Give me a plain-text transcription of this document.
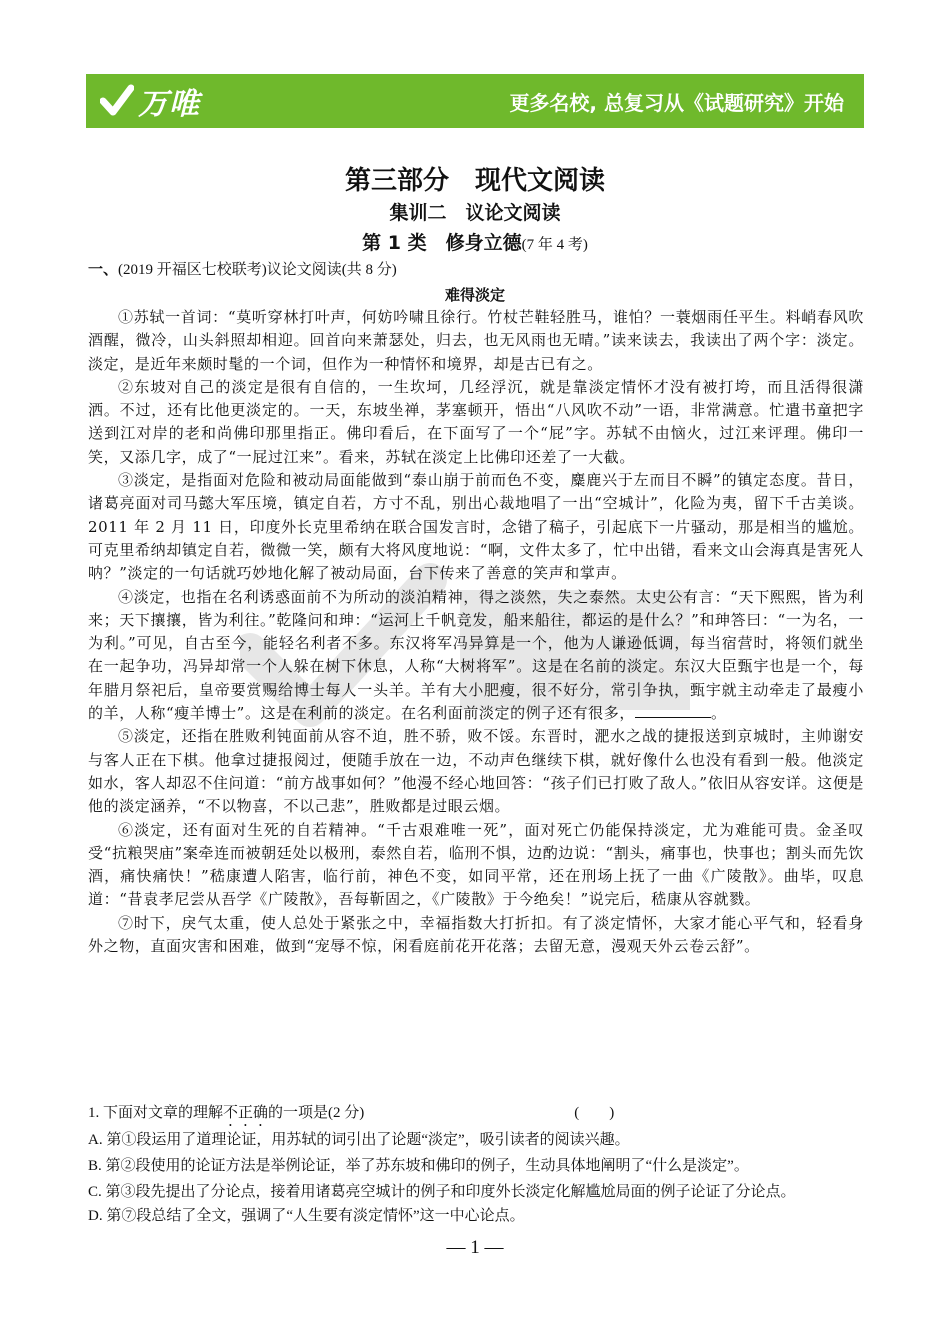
万唯	更多名校, 总复习从《试题研究》开始
第三部分　现代文阅读
集训二　议论文阅读
第 1 类　修身立德(7 年 4 考)
一、(2019 开福区七校联考)议论文阅读(共 8 分)
难得淡定

①苏轼一首词：“莫听穿林打叶声，何妨吟啸且徐行。竹杖芒鞋轻胜马，谁怕？一蓑烟雨任平生。料峭春风吹酒醒，微冷，山头斜照却相迎。回首向来萧瑟处，归去，也无风雨也无晴。”读来读去，我读出了两个字：淡定。淡定，是近年来颇时髦的一个词，但作为一种情怀和境界，却是古已有之。

②东坡对自己的淡定是很有自信的，一生坎坷，几经浮沉，就是靠淡定情怀才没有被打垮，而且活得很潇洒。不过，还有比他更淡定的。一天，东坡坐禅，茅塞顿开，悟出“八风吹不动”一语，非常满意。忙遣书童把字送到江对岸的老和尚佛印那里指正。佛印看后，在下面写了一个“屁”字。苏轼不由恼火，过江来评理。佛印一笑，又添几字，成了“一屁过江来”。看来，苏轼在淡定上比佛印还差了一大截。

③淡定，是指面对危险和被动局面能做到“泰山崩于前而色不变，麋鹿兴于左而目不瞬”的镇定态度。昔日，诸葛亮面对司马懿大军压境，镇定自若，方寸不乱，别出心裁地唱了一出“空城计”，化险为夷，留下千古美谈。2011 年 2 月 11 日，印度外长克里希纳在联合国发言时，念错了稿子，引起底下一片骚动，那是相当的尴尬。可克里希纳却镇定自若，微微一笑，颇有大将风度地说：“啊，文件太多了，忙中出错，看来文山会海真是害死人呐？”淡定的一句话就巧妙地化解了被动局面，台下传来了善意的笑声和掌声。

④淡定，也指在名利诱惑面前不为所动的淡泊精神，得之淡然，失之泰然。太史公有言：“天下熙熙，皆为利来；天下攘攘，皆为利往。”乾隆问和珅：“运河上千帆竞发，船来船往，都运的是什么？”和珅答曰：“一为名，一为利。”可见，自古至今，能轻名利者不多。东汉将军冯异算是一个，他为人谦逊低调，每当宿营时，将领们就坐在一起争功，冯异却常一个人躲在树下休息，人称“大树将军”。这是在名前的淡定。东汉大臣甄宇也是一个，每年腊月祭祀后，皇帝要赏赐给博士每人一头羊。羊有大小肥瘦，很不好分，常引争执，甄宇就主动牵走了最瘦小的羊，人称“瘦羊博士”。这是在利前的淡定。在名利面前淡定的例子还有很多，	。

⑤淡定，还指在胜败利钝面前从容不迫，胜不骄，败不馁。东晋时，淝水之战的捷报送到京城时，主帅谢安与客人正在下棋。他拿过捷报阅过，便随手放在一边，不动声色继续下棋，就好像什么也没有看到一般。他淡定如水，客人却忍不住问道：“前方战事如何？”他漫不经心地回答：“孩子们已打败了敌人。”依旧从容安详。这便是他的淡定涵养，“不以物喜，不以己悲”，胜败都是过眼云烟。

⑥淡定，还有面对生死的自若精神。“千古艰难唯一死”，面对死亡仍能保持淡定，尤为难能可贵。金圣叹受“抗粮哭庙”案牵连而被朝廷处以极刑，泰然自若，临刑不惧，边酌边说：“割头，痛事也，快事也；割头而先饮酒，痛快痛快！”嵇康遭人陷害，临行前，神色不变，如同平常，还在刑场上抚了一曲《广陵散》。曲毕，叹息道：“昔袁孝尼尝从吾学《广陵散》，吾每靳固之，《广陵散》于今绝矣！”说完后，嵇康从容就戮。

⑦时下，戾气太重，使人总处于紧张之中，幸福指数大打折扣。有了淡定情怀，大家才能心平气和，轻看身外之物，直面灾害和困难，做到“宠辱不惊，闲看庭前花开花落；去留无意，漫观天外云卷云舒”。

1. 下面对文章的理解不正确的一项是(2 分)	(　　)
A. 第①段运用了道理论证，用苏轼的词引出了论题“淡定”，吸引读者的阅读兴趣。
B. 第②段使用的论证方法是举例论证，举了苏东坡和佛印的例子，生动具体地阐明了“什么是淡定”。
C. 第③段先提出了分论点，接着用诸葛亮空城计的例子和印度外长淡定化解尴尬局面的例子论证了分论点。
D. 第⑦段总结了全文，强调了“人生要有淡定情怀”这一中心论点。
— 1 —
